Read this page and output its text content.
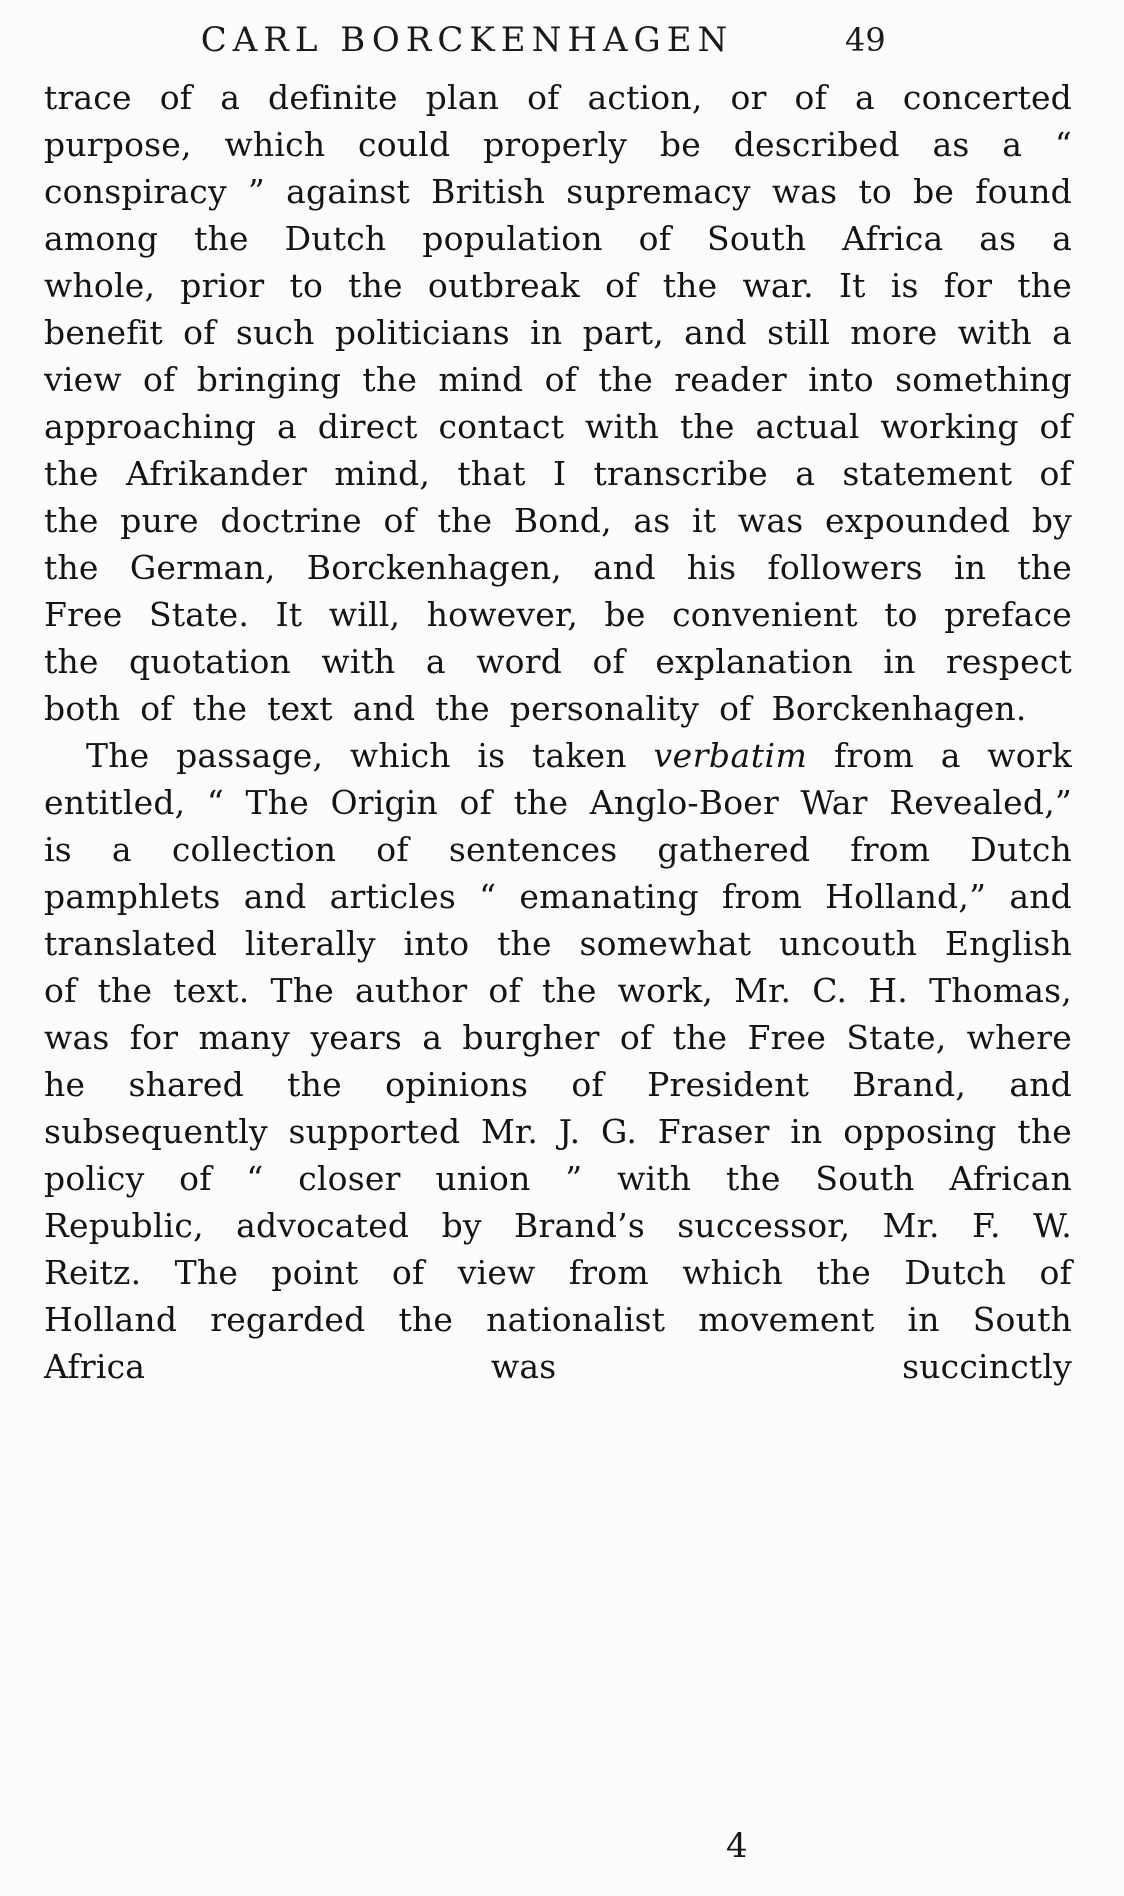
CARL BORCKENHAGEN	49

trace of a definite plan of action, or of a concerted purpose, which could properly be described as a “ conspiracy ” against British supremacy was to be found among the Dutch population of South Africa as a whole, prior to the outbreak of the war. It is for the benefit of such politicians in part, and still more with a view of bringing the mind of the reader into something approaching a direct contact with the actual working of the Afrikander mind, that I transcribe a statement of the pure doctrine of the Bond, as it was expounded by the German, Borckenhagen, and his followers in the Free State. It will, however, be convenient to preface the quotation with a word of explanation in respect both of the text and the personality of Borckenhagen.

The passage, which is taken verbatim from a work entitled, “ The Origin of the Anglo-Boer War Revealed,” is a collection of sentences gathered from Dutch pamphlets and articles “ emanating from Holland,” and translated literally into the somewhat uncouth English of the text. The author of the work, Mr. C. H. Thomas, was for many years a burgher of the Free State, where he shared the opinions of President Brand, and subsequently supported Mr. J. G. Fraser in opposing the policy of “ closer union ” with the South African Republic, advocated by Brand’s successor, Mr. F. W. Reitz. The point of view from which the Dutch of Holland regarded the nationalist movement in South Africa was succinctly

4
